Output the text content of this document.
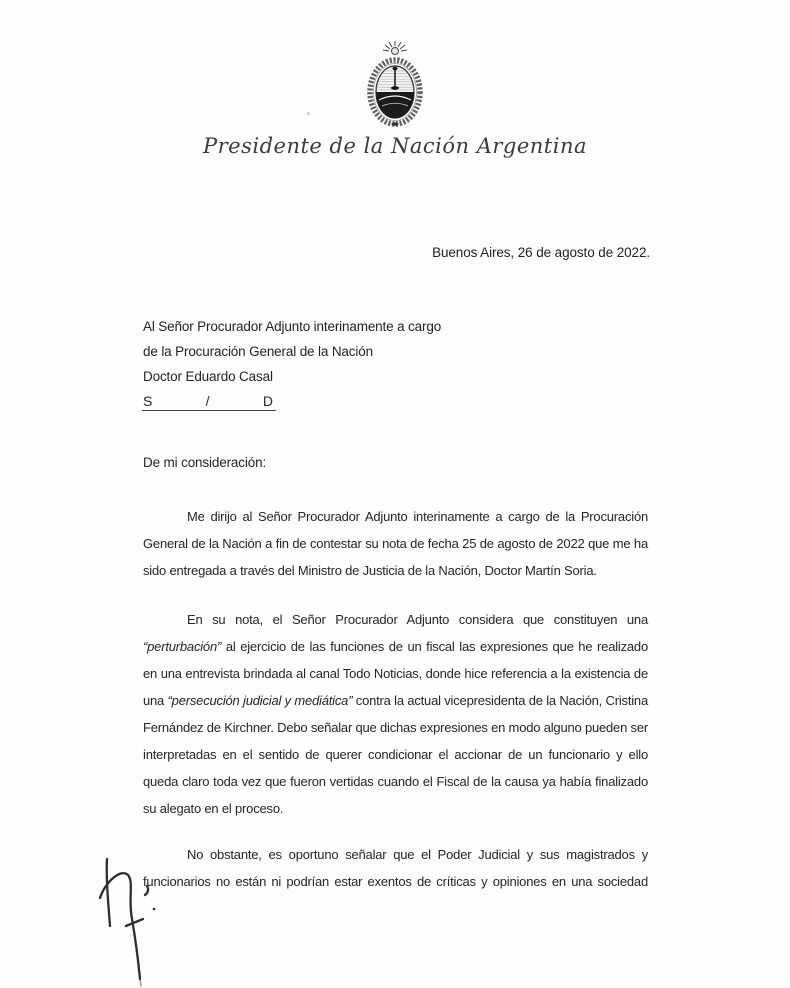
Presidente de la Nación Argentina
Buenos Aires, 26 de agosto de 2022.
Al Señor Procurador Adjunto interinamente a cargo
de la Procuración General de la Nación
Doctor Eduardo Casal
S	/	D
De mi consideración:

Me dirijo al Señor Procurador Adjunto interinamente a cargo de la Procuración General de la Nación a fin de contestar su nota de fecha 25 de agosto de 2022 que me ha sido entregada a través del Ministro de Justicia de la Nación, Doctor Martín Soria.

En su nota, el Señor Procurador Adjunto considera que constituyen una “perturbación” al ejercicio de las funciones de un fiscal las expresiones que he realizado en una entrevista brindada al canal Todo Noticias, donde hice referencia a la existencia de una “persecución judicial y mediática” contra la actual vicepresidenta de la Nación, Cristina Fernández de Kirchner. Debo señalar que dichas expresiones en modo alguno pueden ser interpretadas en el sentido de querer condicionar el accionar de un funcionario y ello queda claro toda vez que fueron vertidas cuando el Fiscal de la causa ya había finalizado su alegato en el proceso.

No obstante, es oportuno señalar que el Poder Judicial y sus magistrados y funcionarios no están ni podrían estar exentos de críticas y opiniones en una sociedad
